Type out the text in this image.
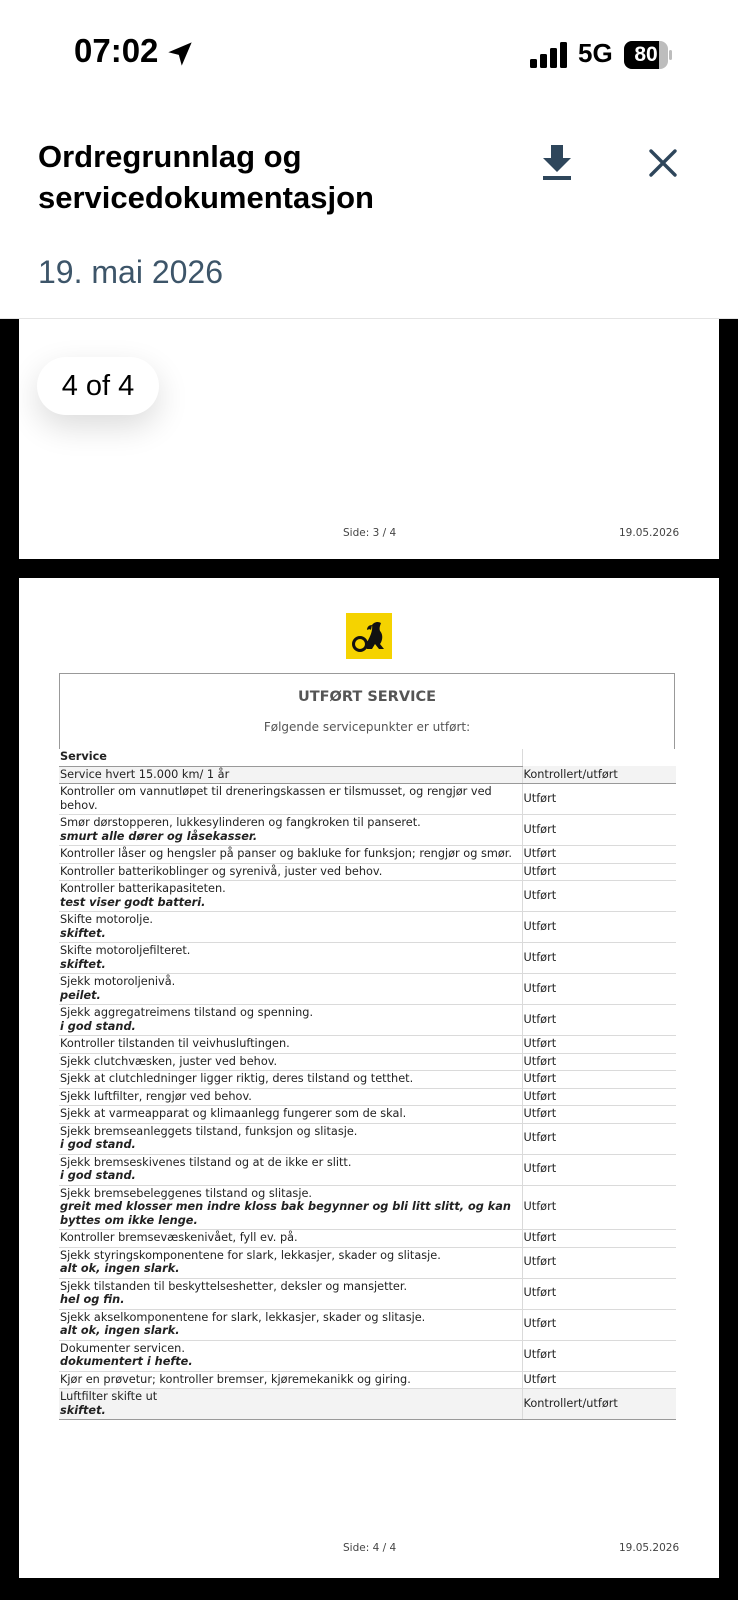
07:02	5G	80
Ordregrunnlag og
servicedokumentasjon
19. mai 2026
Side: 3 / 4	19.05.2026
4 of 4
UTFØRT SERVICE
Følgende servicepunkter er utført:
Service	
Service hvert 15.000 km/ 1 år	Kontrollert/utført

Kontroller om vannutløpet til dreneringskassen er tilsmusset, og rengjør ved behov.	Utført

Smør dørstopperen, lukkesylinderen og fangkroken til panseret.
smurt alle dører og låsekasser.	Utført

Kontroller låser og hengsler på panser og bakluke for funksjon; rengjør og smør.	Utført

Kontroller batterikoblinger og syrenivå, juster ved behov.	Utført

Kontroller batterikapasiteten.
test viser godt batteri.	Utført

Skifte motorolje.
skiftet.	Utført

Skifte motoroljefilteret.
skiftet.	Utført

Sjekk motoroljenivå.
peilet.	Utført

Sjekk aggregatreimens tilstand og spenning.
i god stand.	Utført

Kontroller tilstanden til veivhusluftingen.	Utført

Sjekk clutchvæsken, juster ved behov.	Utført

Sjekk at clutchledninger ligger riktig, deres tilstand og tetthet.	Utført

Sjekk luftfilter, rengjør ved behov.	Utført

Sjekk at varmeapparat og klimaanlegg fungerer som de skal.	Utført

Sjekk bremseanleggets tilstand, funksjon og slitasje.
i god stand.	Utført

Sjekk bremseskivenes tilstand og at de ikke er slitt.
i god stand.	Utført

Sjekk bremsebeleggenes tilstand og slitasje.
greit med klosser men indre kloss bak begynner og bli litt slitt, og kan byttes om ikke lenge.	Utført

Kontroller bremsevæskenivået, fyll ev. på.	Utført

Sjekk styringskomponentene for slark, lekkasjer, skader og slitasje.
alt ok, ingen slark.	Utført

Sjekk tilstanden til beskyttelseshetter, deksler og mansjetter.
hel og fin.	Utført

Sjekk akselkomponentene for slark, lekkasjer, skader og slitasje.
alt ok, ingen slark.	Utført

Dokumenter servicen.
dokumentert i hefte.	Utført

Kjør en prøvetur; kontroller bremser, kjøremekanikk og giring.	Utført

Luftfilter skifte ut
skiftet.	Kontrollert/utført
Side: 4 / 4	19.05.2026
